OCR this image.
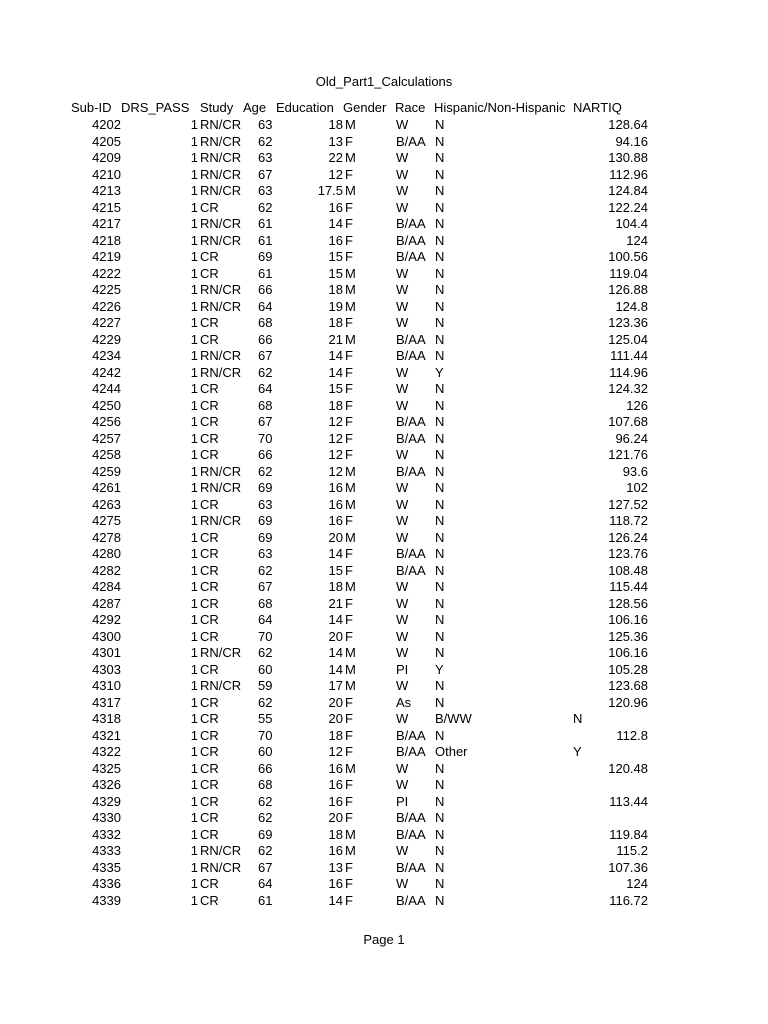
Old_Part1_Calculations
Sub-ID DRS_PASS Study Age Education Gender Race Hispanic/Non-Hispanic NARTIQ
4202	1 RN/CR	63	18 M	W	N	128.64
4205	1 RN/CR	62	13 F	B/AA N	94.16
4209	1 RN/CR	63	22 M	W	N	130.88
4210	1 RN/CR	67	12 F	W	N	112.96
4213	1 RN/CR	63	17.5 M	W	N	124.84
4215	1 CR	62	16 F	W	N	122.24
4217	1 RN/CR	61	14 F	B/AA N	104.4
4218	1 RN/CR	61	16 F	B/AA N	124
4219	1 CR	69	15 F	B/AA N	100.56
4222	1 CR	61	15 M	W	N	119.04
4225	1 RN/CR	66	18 M	W	N	126.88
4226	1 RN/CR	64	19 M	W	N	124.8
4227	1 CR	68	18 F	W	N	123.36
4229	1 CR	66	21 M	B/AA N	125.04
4234	1 RN/CR	67	14 F	B/AA N	111.44
4242	1 RN/CR	62	14 F	W	Y	114.96
4244	1 CR	64	15 F	W	N	124.32
4250	1 CR	68	18 F	W	N	126
4256	1 CR	67	12 F	B/AA N	107.68
4257	1 CR	70	12 F	B/AA N	96.24
4258	1 CR	66	12 F	W	N	121.76
4259	1 RN/CR	62	12 M	B/AA N	93.6
4261	1 RN/CR	69	16 M	W	N	102
4263	1 CR	63	16 M	W	N	127.52
4275	1 RN/CR	69	16 F	W	N	118.72
4278	1 CR	69	20 M	W	N	126.24
4280	1 CR	63	14 F	B/AA N	123.76
4282	1 CR	62	15 F	B/AA N	108.48
4284	1 CR	67	18 M	W	N	115.44
4287	1 CR	68	21 F	W	N	128.56
4292	1 CR	64	14 F	W	N	106.16
4300	1 CR	70	20 F	W	N	125.36
4301	1 RN/CR	62	14 M	W	N	106.16
4303	1 CR	60	14 M	PI	Y	105.28
4310	1 RN/CR	59	17 M	W	N	123.68
4317	1 CR	62	20 F	As	N	120.96
4318	1 CR	55	20 F	W	B/WW	N
4321	1 CR	70	18 F	B/AA N	112.8
4322	1 CR	60	12 F	B/AA Other	Y
4325	1 CR	66	16 M	W	N	120.48
4326	1 CR	68	16 F	W	N
4329	1 CR	62	16 F	PI	N	113.44
4330	1 CR	62	20 F	B/AA N
4332	1 CR	69	18 M	B/AA N	119.84
4333	1 RN/CR	62	16 M	W	N	115.2
4335	1 RN/CR	67	13 F	B/AA N	107.36
4336	1 CR	64	16 F	W	N	124
4339	1 CR	61	14 F	B/AA N	116.72
Page 1
